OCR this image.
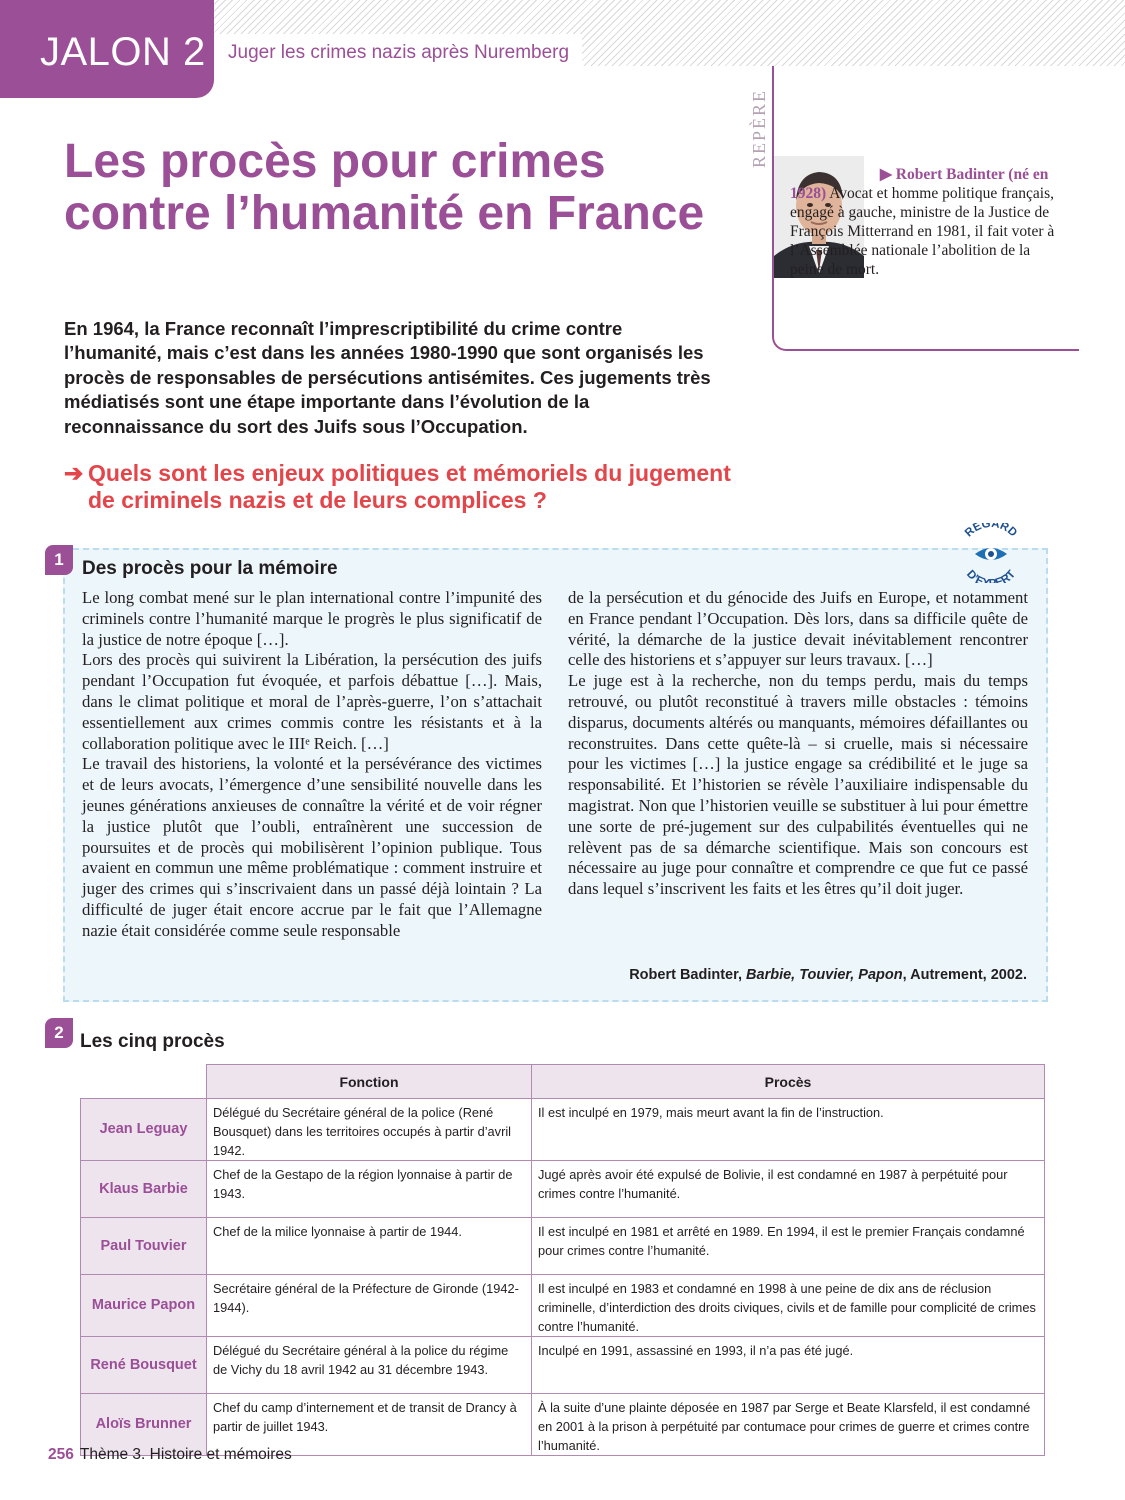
JALON 2 Juger les crimes nazis après Nuremberg
Les procès pour crimes contre l’humanité en France

En 1964, la France reconnaît l’imprescriptibilité du crime contre l’humanité, mais c’est dans les années 1980-1990 que sont organisés les procès de responsables de persécutions antisémites. Ces jugements très médiatisés sont une étape importante dans l’évolution de la reconnaissance du sort des Juifs sous l’Occupation.

➔ Quels sont les enjeux politiques et mémoriels du jugement de criminels nazis et de leurs complices ?
REPÈRE
▶ Robert Badinter (né en 1928) Avocat et homme politique français, engagé à gauche, ministre de la Justice de François Mitterrand en 1981, il fait voter à l’Assemblée nationale l’abolition de la peine de mort.
1 Des procès pour la mémoire
REGARD
D’E ERT

Le long combat mené sur le plan international contre l’impunité des criminels contre l’humanité marque le progrès le plus significatif de la justice de notre époque […].

Lors des procès qui suivirent la Libération, la persécution des juifs pendant l’Occupation fut évoquée, et parfois débattue […]. Mais, dans le climat politique et moral de l’après-guerre, l’on s’attachait essentiellement aux crimes commis contre les résistants et à la collaboration politique avec le IIIᵉ Reich. […]

Le travail des historiens, la volonté et la persévérance des victimes et de leurs avocats, l’émergence d’une sensibilité nouvelle dans les jeunes générations anxieuses de connaître la vérité et de voir régner la justice plutôt que l’oubli, entraînèrent une succession de poursuites et de procès qui mobilisèrent l’opinion publique. Tous avaient en commun une même problématique : comment instruire et juger des crimes qui s’inscrivaient dans un passé déjà lointain ? La difficulté de juger était encore accrue par le fait que l’Allemagne nazie était considérée comme seule responsable

de la persécution et du génocide des Juifs en Europe, et notamment en France pendant l’Occupation. Dès lors, dans sa difficile quête de vérité, la démarche de la justice devait inévitablement rencontrer celle des historiens et s’appuyer sur leurs travaux. […]

Le juge est à la recherche, non du temps perdu, mais du temps retrouvé, ou plutôt reconstitué à travers mille obstacles : témoins disparus, documents altérés ou manquants, mémoires défaillantes ou reconstruites. Dans cette quête-là – si cruelle, mais si nécessaire pour les victimes […] la justice engage sa crédibilité et le juge sa responsabilité. Et l’historien se révèle l’auxiliaire indispensable du magistrat. Non que l’historien veuille se substituer à lui pour émettre une sorte de pré-jugement sur des culpabilités éventuelles qui ne relèvent pas de sa démarche scientifique. Mais son concours est nécessaire au juge pour connaître et comprendre ce que fut ce passé dans lequel s’inscrivent les faits et les êtres qu’il doit juger.

Robert Badinter, Barbie, Touvier, Papon, Autrement, 2002.
2 Les cinq procès
	Fonction	Procès
Jean Leguay	Délégué du Secrétaire général de la police (René Bousquet) dans les territoires occupés à partir d’avril 1942.	Il est inculpé en 1979, mais meurt avant la fin de l’instruction.
Klaus Barbie	Chef de la Gestapo de la région lyonnaise à partir de 1943.	Jugé après avoir été expulsé de Bolivie, il est condamné en 1987 à perpétuité pour crimes contre l’humanité.
Paul Touvier	Chef de la milice lyonnaise à partir de 1944.	Il est inculpé en 1981 et arrêté en 1989. En 1994, il est le premier Français condamné pour crimes contre l’humanité.
Maurice Papon	Secrétaire général de la Préfecture de Gironde (1942-1944).	Il est inculpé en 1983 et condamné en 1998 à une peine de dix ans de réclusion criminelle, d’interdiction des droits civiques, civils et de famille pour complicité de crimes contre l’humanité.
René Bousquet	Délégué du Secrétaire général à la police du régime de Vichy du 18 avril 1942 au 31 décembre 1943.	Inculpé en 1991, assassiné en 1993, il n’a pas été jugé.
Aloïs Brunner	Chef du camp d’internement et de transit de Drancy à partir de juillet 1943.	À la suite d’une plainte déposée en 1987 par Serge et Beate Klarsfeld, il est condamné en 2001 à la prison à perpétuité par contumace pour crimes de guerre et crimes contre l’humanité.
256 Thème 3. Histoire et mémoires
